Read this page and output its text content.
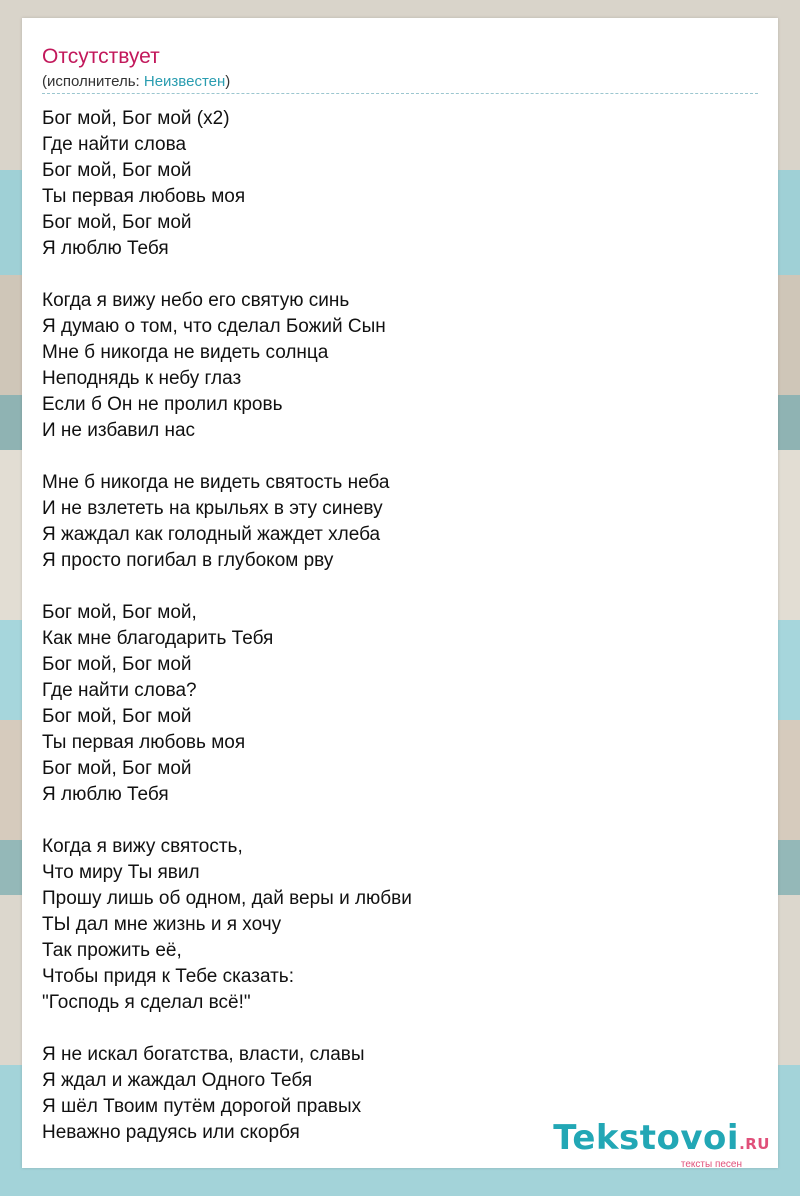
Отсутствует
(исполнитель: Неизвестен)
Бог мой, Бог мой (x2)
Где найти слова
Бог мой, Бог мой
Ты первая любовь моя
Бог мой, Бог мой
Я люблю Тебя
Когда я вижу небо его святую синь
Я думаю о том, что сделал Божий Сын
Мне б никогда не видеть солнца
Неподнядь к небу глаз
Если б Он не пролил кровь
И не избавил нас
Мне б никогда не видеть святость неба
И не взлететь на крыльях в эту синеву
Я жаждал как голодный жаждет хлеба
Я просто погибал в глубоком рву
Бог мой, Бог мой,
Как мне благодарить Тебя
Бог мой, Бог мой
Где найти слова?
Бог мой, Бог мой
Ты первая любовь моя
Бог мой, Бог мой
Я люблю Тебя
Когда я вижу святость,
Что миру Ты явил
Прошу лишь об одном, дай веры и любви
ТЫ дал мне жизнь и я хочу
Так прожить её,
Чтобы придя к Тебе сказать:
"Господь я сделал всё!"
Я не искал богатства, власти, славы
Я ждал и жаждал Одного Тебя
Я шёл Твоим путём дорогой правых
Неважно радуясь или скорбя	Tekstovoi.RU
тексты песен
